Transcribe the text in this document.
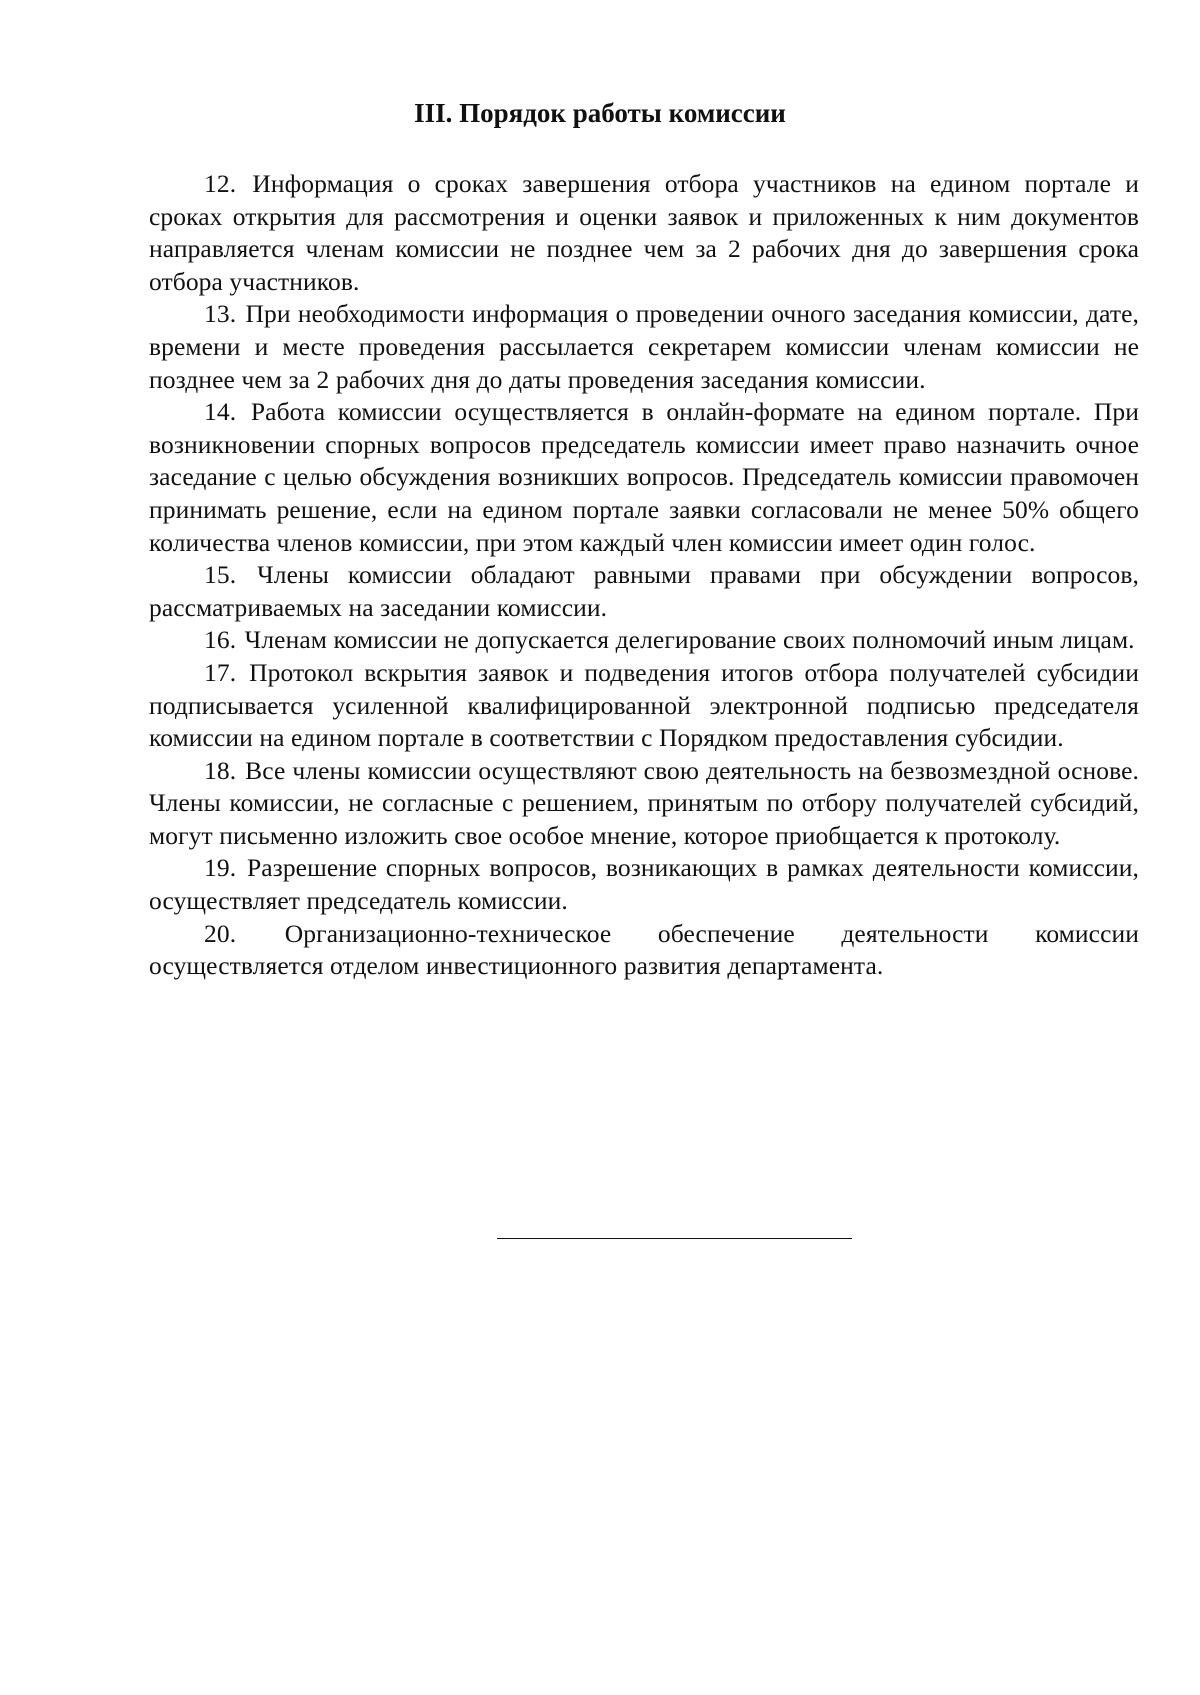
III. Порядок работы комиссии

12. Информация о сроках завершения отбора участников на едином портале и сроках открытия для рассмотрения и оценки заявок и приложенных к ним документов направляется членам комиссии не позднее чем за 2 рабочих дня до завершения срока отбора участников.

13. При необходимости информация о проведении очного заседания комиссии, дате, времени и месте проведения рассылается секретарем комиссии членам комиссии не позднее чем за 2 рабочих дня до даты проведения заседания комиссии.

14. Работа комиссии осуществляется в онлайн-формате на едином портале. При возникновении спорных вопросов председатель комиссии имеет право назначить очное заседание с целью обсуждения возникших вопросов. Председатель комиссии правомочен принимать решение, если на едином портале заявки согласовали не менее 50% общего количества членов комиссии, при этом каждый член комиссии имеет один голос.

15. Члены комиссии обладают равными правами при обсуждении вопросов, рассматриваемых на заседании комиссии.

16. Членам комиссии не допускается делегирование своих полномочий иным лицам.

17. Протокол вскрытия заявок и подведения итогов отбора получателей субсидии подписывается усиленной квалифицированной электронной подписью председателя комиссии на едином портале в соответствии с Порядком предоставления субсидии.

18. Все члены комиссии осуществляют свою деятельность на безвозмездной основе. Члены комиссии, не согласные с решением, принятым по отбору получателей субсидий, могут письменно изложить свое особое мнение, которое приобщается к протоколу.

19. Разрешение спорных вопросов, возникающих в рамках деятельности комиссии, осуществляет председатель комиссии.

20. Организационно-техническое обеспечение деятельности комиссии осуществляется отделом инвестиционного развития департамента.
